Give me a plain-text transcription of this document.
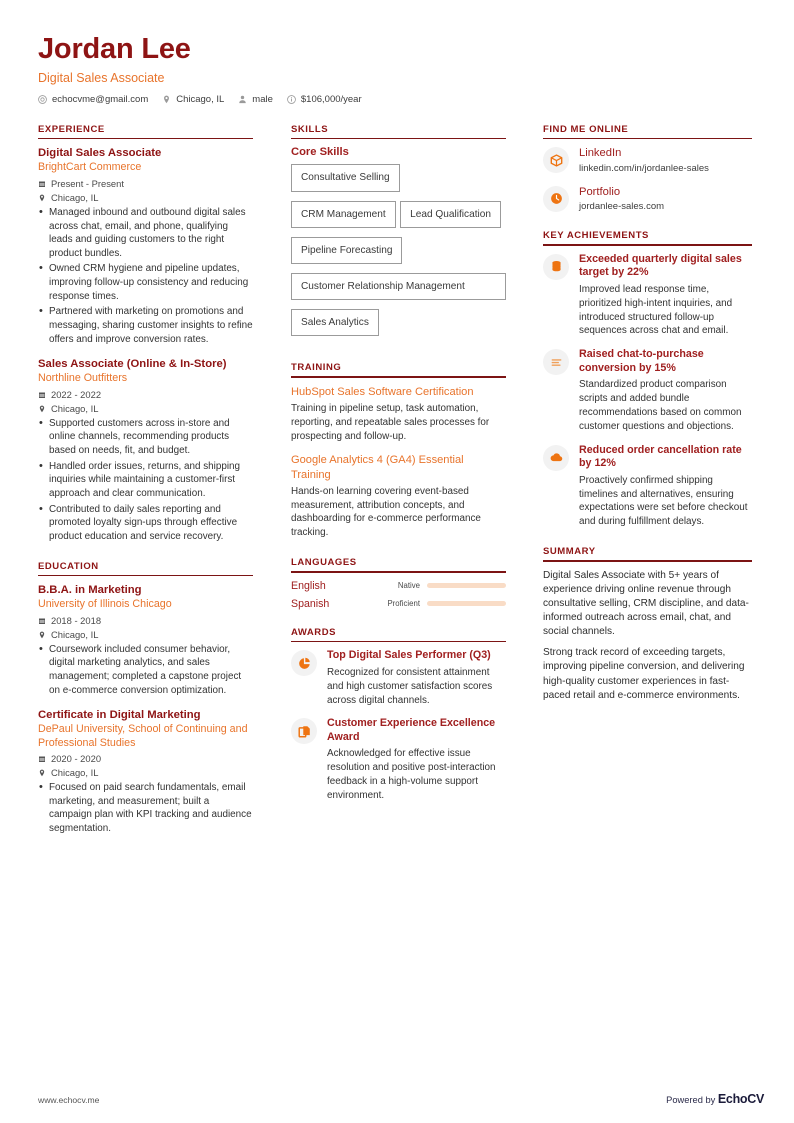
Jordan Lee
Digital Sales Associate
echocvme@gmail.com	Chicago, IL	male	$106,000/year
EXPERIENCE
Digital Sales Associate
BrightCart Commerce
Present - Present
Chicago, IL
• Managed inbound and outbound digital sales across chat, email, and phone, qualifying leads and guiding customers to the right product bundles.
• Owned CRM hygiene and pipeline updates, improving follow-up consistency and reducing response times.
• Partnered with marketing on promotions and messaging, sharing customer insights to refine offers and improve conversion rates.
Sales Associate (Online & In-Store)
Northline Outfitters
2022 - 2022
Chicago, IL
• Supported customers across in-store and online channels, recommending products based on needs, fit, and budget.
• Handled order issues, returns, and shipping inquiries while maintaining a customer-first approach and clear communication.
• Contributed to daily sales reporting and promoted loyalty sign-ups through effective product education and service recovery.
EDUCATION
B.B.A. in Marketing
University of Illinois Chicago
2018 - 2018
Chicago, IL
• Coursework included consumer behavior, digital marketing analytics, and sales management; completed a capstone project on e-commerce conversion optimization.
Certificate in Digital Marketing
DePaul University, School of Continuing and Professional Studies
2020 - 2020
Chicago, IL
• Focused on paid search fundamentals, email marketing, and measurement; built a campaign plan with KPI tracking and audience segmentation.
SKILLS
Core Skills
Consultative Selling CRM Management Lead Qualification Pipeline Forecasting
Customer Relationship Management
Sales Analytics
TRAINING
HubSpot Sales Software Certification
Training in pipeline setup, task automation, reporting, and repeatable sales processes for prospecting and follow-up.
Google Analytics 4 (GA4) Essential Training
Hands-on learning covering event-based measurement, attribution concepts, and dashboarding for e-commerce performance tracking.
LANGUAGES
English	Native
Spanish	Proficient
AWARDS
Top Digital Sales Performer (Q3)
Recognized for consistent attainment and high customer satisfaction scores across digital channels.
Customer Experience Excellence Award
Acknowledged for effective issue resolution and positive post-interaction feedback in a high-volume support environment.
FIND ME ONLINE
LinkedIn
linkedin.com/in/jordanlee-sales
Portfolio
jordanlee-sales.com
KEY ACHIEVEMENTS
Exceeded quarterly digital sales target by 22%
Improved lead response time, prioritized high-intent inquiries, and introduced structured follow-up sequences across chat and email.
Raised chat-to-purchase conversion by 15%
Standardized product comparison scripts and added bundle recommendations based on common customer questions and objections.
Reduced order cancellation rate by 12%
Proactively confirmed shipping timelines and alternatives, ensuring expectations were set before checkout and during fulfillment delays.
SUMMARY
Digital Sales Associate with 5+ years of experience driving online revenue through consultative selling, CRM discipline, and data-informed outreach across email, chat, and social channels.
Strong track record of exceeding targets, improving pipeline conversion, and delivering high-quality customer experiences in fast-paced retail and e-commerce environments.
www.echocv.me	Powered by EchoCV
